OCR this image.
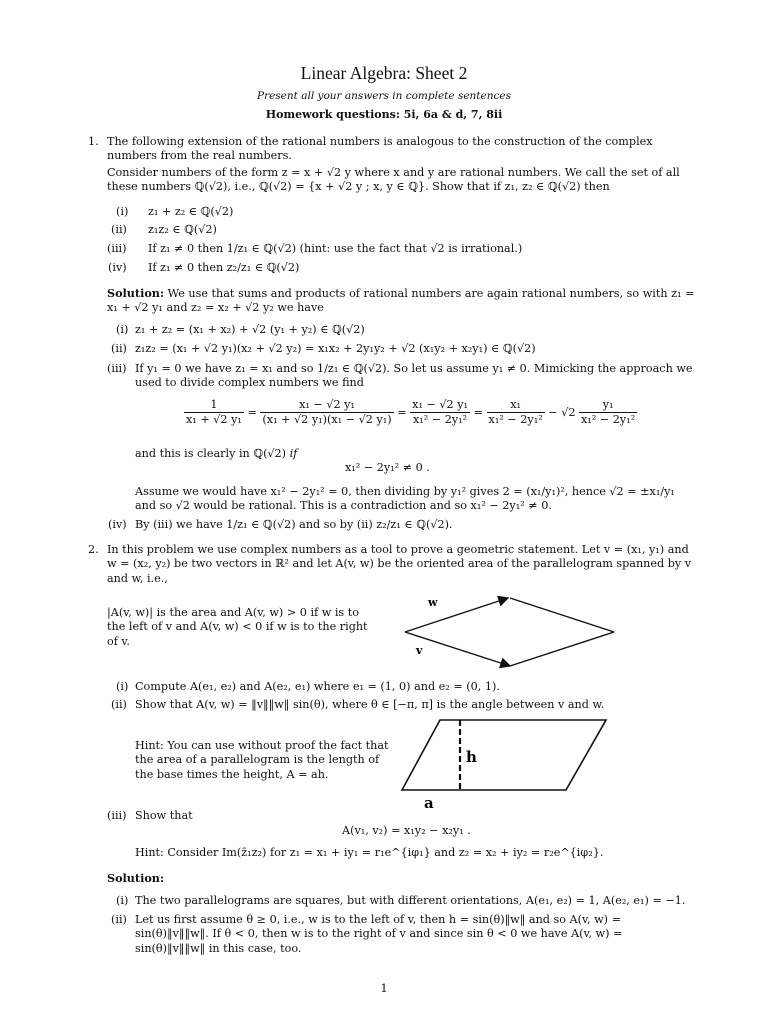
Linear Algebra: Sheet 2
Present all your answers in complete sentences
Homework questions: 5i, 6a & d, 7, 8ii

1. The following extension of the rational numbers is analogous to the construction of the complex numbers from the real numbers.

Consider numbers of the form z = x + √2 y where x and y are rational numbers. We call the set of all these numbers ℚ(√2), i.e., ℚ(√2) = {x + √2 y ; x, y ∈ ℚ}. Show that if z₁, z₂ ∈ ℚ(√2) then

(i) z₁ + z₂ ∈ ℚ(√2)

(ii) z₁z₂ ∈ ℚ(√2)

(iii) If z₁ ≠ 0 then 1/z₁ ∈ ℚ(√2) (hint: use the fact that √2 is irrational.)

(iv) If z₁ ≠ 0 then z₂/z₁ ∈ ℚ(√2)

Solution: We use that sums and products of rational numbers are again rational numbers, so with z₁ = x₁ + √2 y₁ and z₂ = x₂ + √2 y₂ we have

(i) z₁ + z₂ = (x₁ + x₂) + √2 (y₁ + y₂) ∈ ℚ(√2)

(ii) z₁z₂ = (x₁ + √2 y₁)(x₂ + √2 y₂) = x₁x₂ + 2y₁y₂ + √2 (x₁y₂ + x₂y₁) ∈ ℚ(√2)

(iii) If y₁ = 0 we have z₁ = x₁ and so 1/z₁ ∈ ℚ(√2). So let us assume y₁ ≠ 0. Mimicking the approach we used to divide complex numbers we find

$\frac{1}{\text{x₁ + √2 y₁}} = \frac{\text{x₁ − √2 y₁}}{\text{(x₁ + √2 y₁)(x₁ − √2 y₁)}} = \frac{\text{x₁ − √2 y₁}}{\text{x₁² − 2y₁²}} = \frac{\text{x₁}}{\text{x₁² − 2y₁²}} - √2 \frac{\text{y₁}}{\text{x₁² − 2y₁²}}$

and this is clearly in ℚ(√2) if

x₁² − 2y₁² ≠ 0 .

Assume we would have x₁² − 2y₁² = 0, then dividing by y₁² gives 2 = (x₁/y₁)², hence √2 = ±x₁/y₁ and so √2 would be rational. This is a contradiction and so x₁² − 2y₁² ≠ 0.

(iv) By (iii) we have 1/z₁ ∈ ℚ(√2) and so by (ii) z₂/z₁ ∈ ℚ(√2).

2. In this problem we use complex numbers as a tool to prove a geometric statement. Let v = (x₁, y₁) and w = (x₂, y₂) be two vectors in ℝ² and let A(v, w) be the oriented area of the parallelogram spanned by v and w, i.e.,

|A(v, w)| is the area and A(v, w) > 0 if w is to the left of v and A(v, w) < 0 if w is to the right of v.

w
v

(i) Compute A(e₁, e₂) and A(e₂, e₁) where e₁ = (1, 0) and e₂ = (0, 1).

(ii) Show that A(v, w) = ‖v‖‖w‖ sin(θ), where θ ∈ [−π, π] is the angle between v and w.

Hint: You can use without proof the fact that the area of a parallelogram is the length of the base times the height, A = ah.

h
a

(iii) Show that

A(v₁, v₂) = x₁y₂ − x₂y₁ .

Hint: Consider Im(z̄₁z₂) for z₁ = x₁ + iy₁ = r₁e^{iφ₁} and z₂ = x₂ + iy₂ = r₂e^{iφ₂}.

Solution:

(i) The two parallelograms are squares, but with different orientations, A(e₁, e₂) = 1, A(e₂, e₁) = −1.

(ii) Let us first assume θ ≥ 0, i.e., w is to the left of v, then h = sin(θ)‖w‖ and so A(v, w) = sin(θ)‖v‖‖w‖. If θ < 0, then w is to the right of v and since sin θ < 0 we have A(v, w) = sin(θ)‖v‖‖w‖ in this case, too.

1
